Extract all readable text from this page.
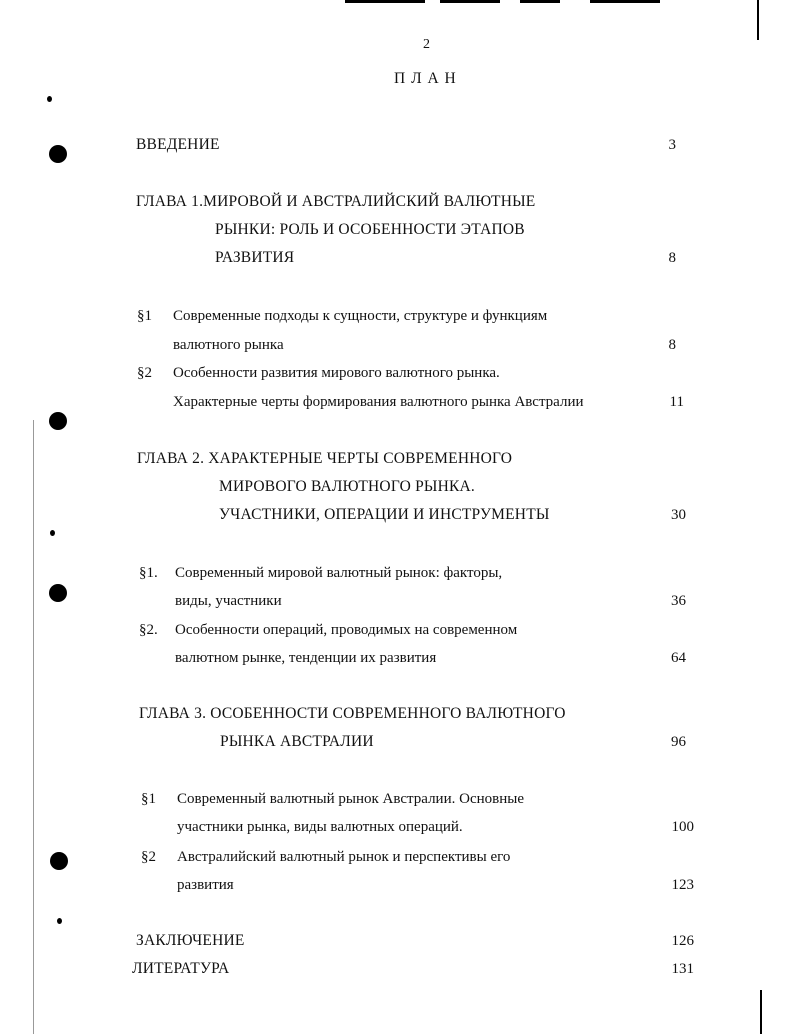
2
П Л А Н
ВВЕДЕНИЕ	3
ГЛАВА 1.МИРОВОЙ И АВСТРАЛИЙСКИЙ ВАЛЮТНЫЕ
РЫНКИ: РОЛЬ И ОСОБЕННОСТИ ЭТАПОВ
РАЗВИТИЯ	8
§1 Современные подходы к сущности, структуре и функциям
валютного рынка	8
§2 Особенности развития мирового валютного рынка.
Характерные черты формирования валютного рынка Австралии	11
ГЛАВА 2. ХАРАКТЕРНЫЕ ЧЕРТЫ СОВРЕМЕННОГО
МИРОВОГО ВАЛЮТНОГО РЫНКА.
УЧАСТНИКИ, ОПЕРАЦИИ И ИНСТРУМЕНТЫ	30
§1. Современный мировой валютный рынок: факторы,
виды, участники	36
§2. Особенности операций, проводимых на современном
валютном рынке, тенденции их развития	64
ГЛАВА 3. ОСОБЕННОСТИ СОВРЕМЕННОГО ВАЛЮТНОГО
РЫНКА АВСТРАЛИИ	96
§1 Современный валютный рынок Австралии. Основные
участники рынка, виды валютных операций.	100
§2 Австралийский валютный рынок и перспективы его
развития	123
ЗАКЛЮЧЕНИЕ	126
ЛИТЕРАТУРА	131
